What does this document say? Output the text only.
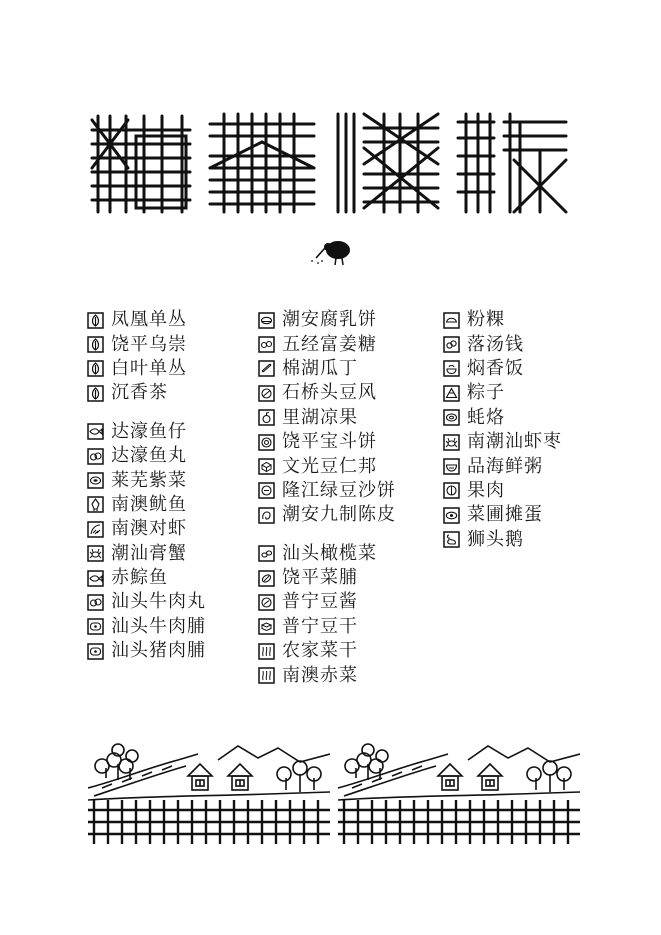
凤凰单丛
饶平乌崇
白叶单丛
沉香茶
达濠鱼仔
达濠鱼丸
莱芜紫菜
南澳鱿鱼
南澳对虾
潮汕膏蟹
赤鯮鱼
汕头牛肉丸
汕头牛肉脯
汕头猪肉脯
潮安腐乳饼
五经富姜糖
棉湖瓜丁
石桥头豆风
里湖凉果
饶平宝斗饼
文光豆仁邦
隆江绿豆沙饼
潮安九制陈皮
汕头橄榄菜
饶平菜脯
普宁豆酱
普宁豆干
农家菜干
南澳赤菜
粉粿
落汤钱
焖香饭
粽子
蚝烙
南潮汕虾枣
品海鲜粥
果肉
菜圃摊蛋
狮头鹅
